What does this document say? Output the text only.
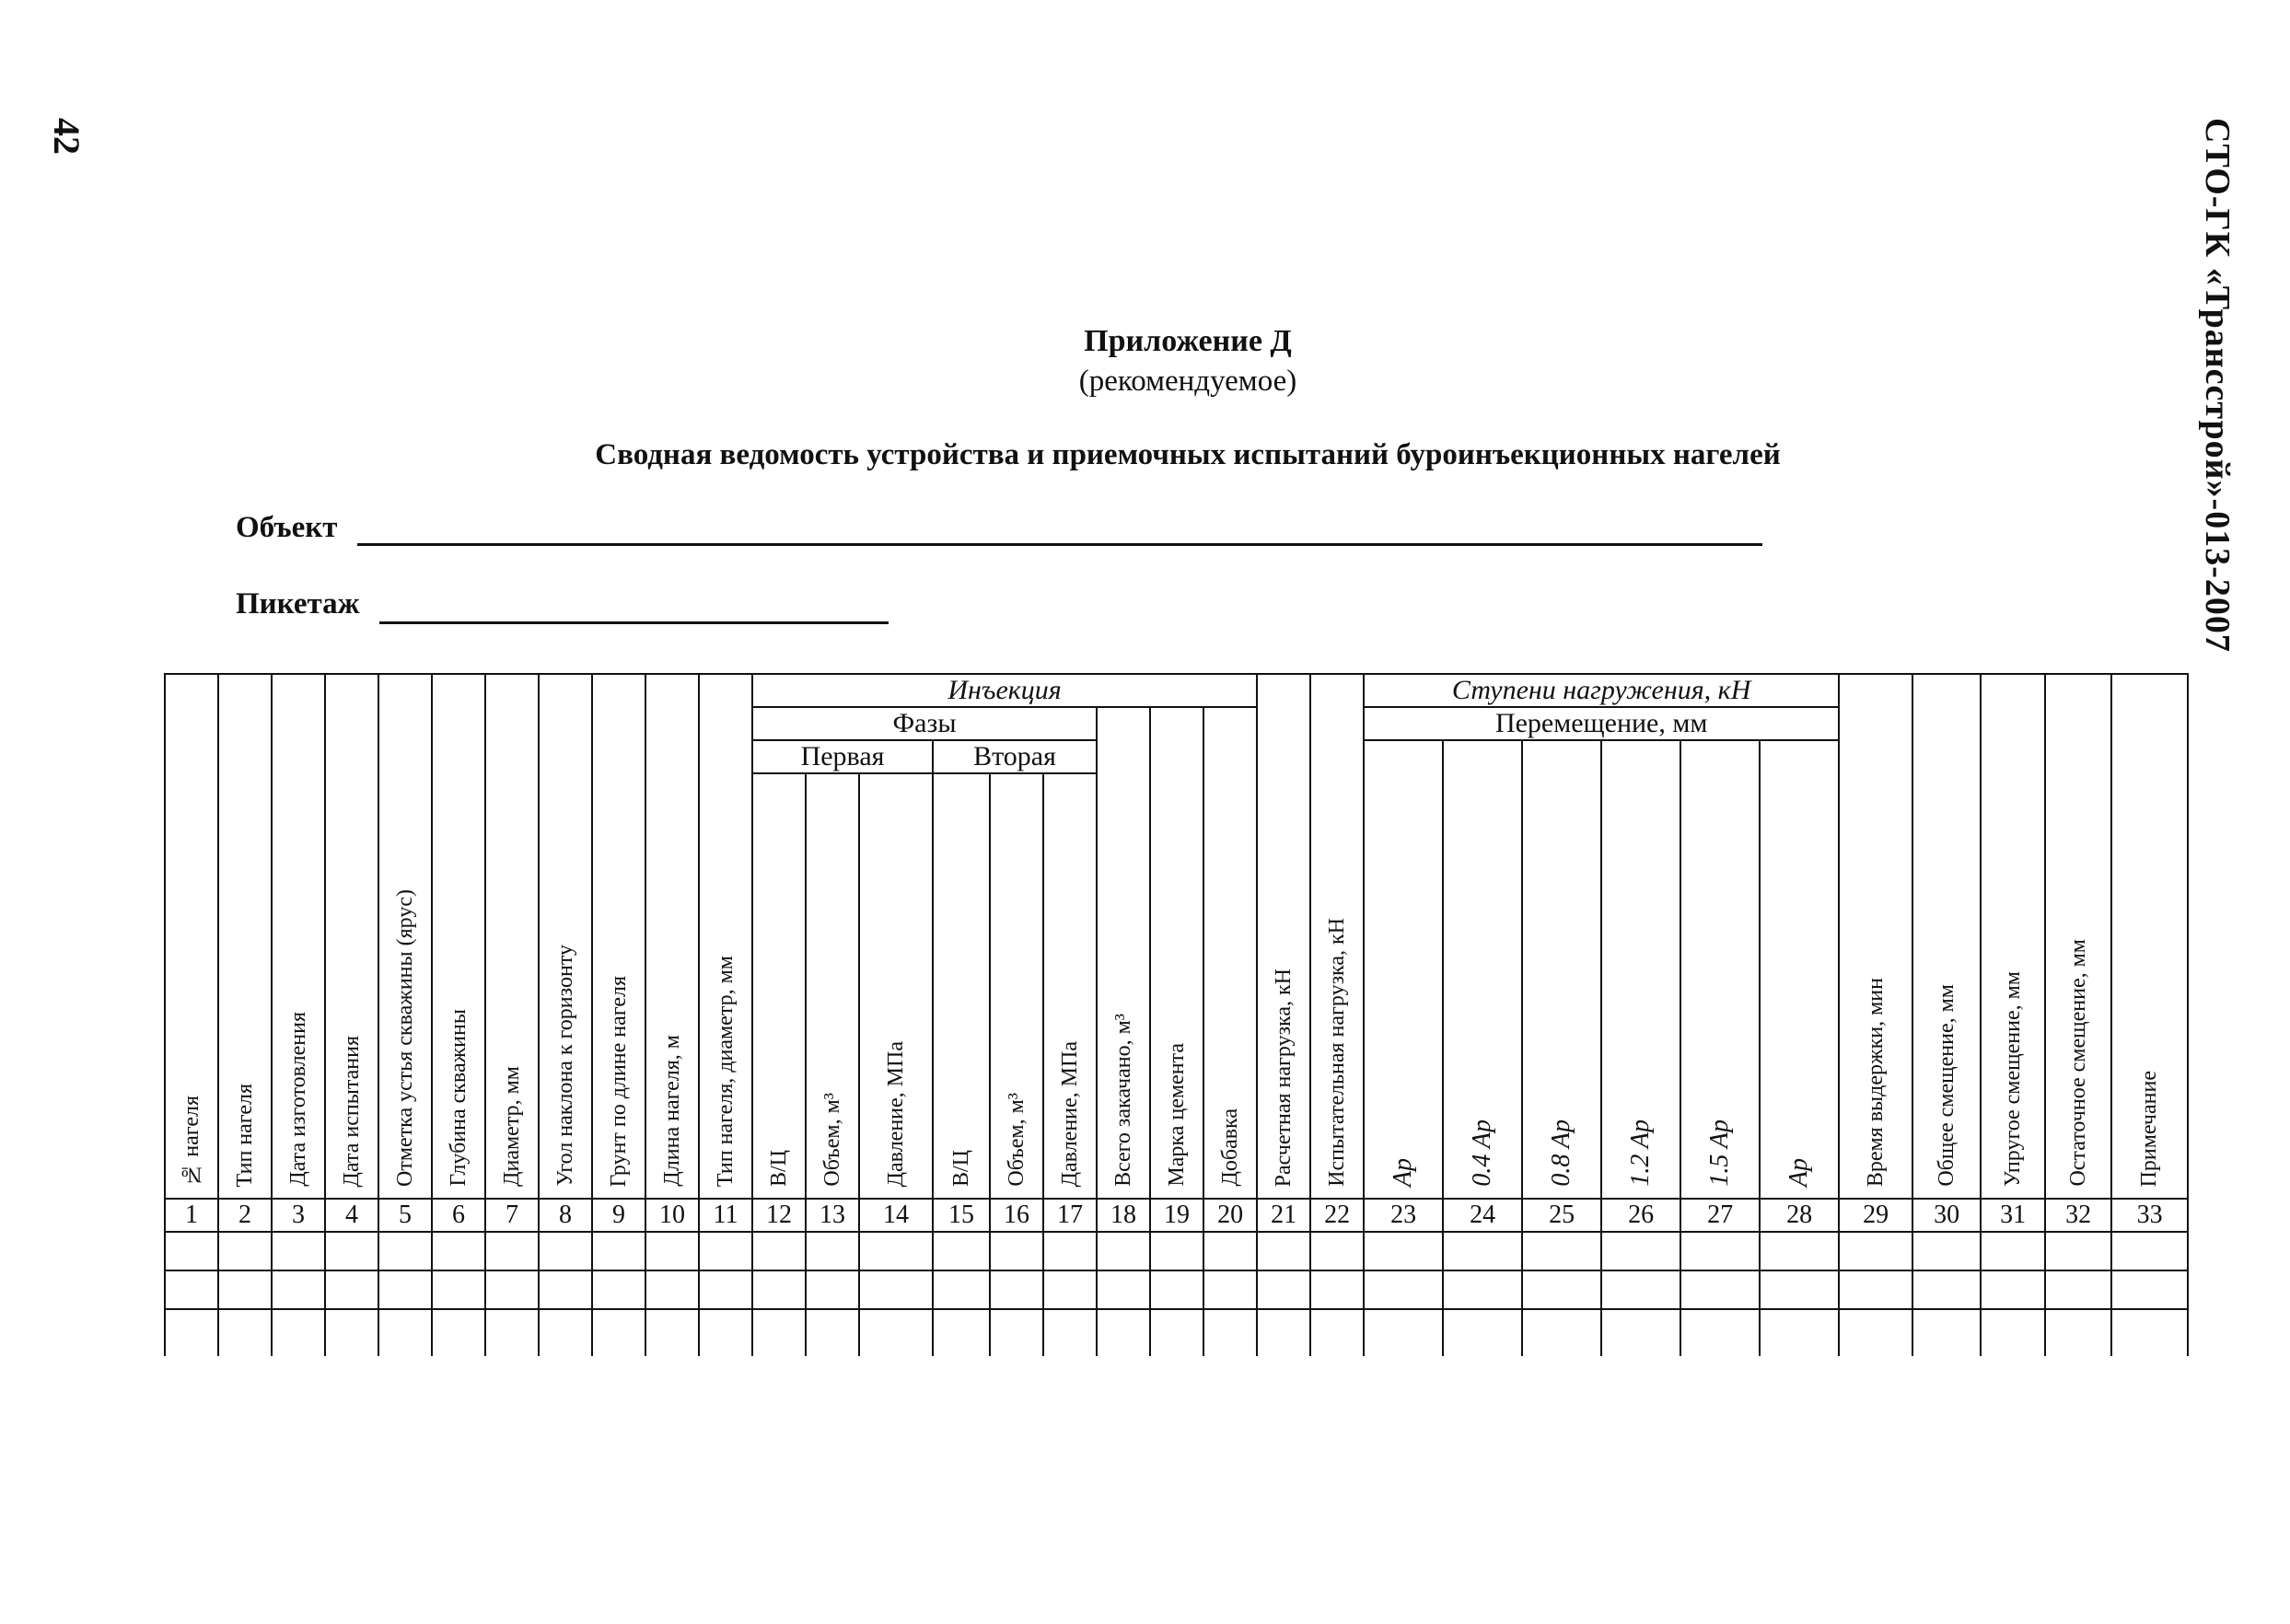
42	СТО-ГК «Трансстрой»-013-2007
Приложение Д
(рекомендуемое)
Сводная ведомость устройства и приемочных испытаний буроинъекционных нагелей
Объект
Пикетаж
№ нагеля	Тип нагеля	Дата изготовления	Дата испытания	Отметка устья скважины (ярус)	Глубина скважины	Диаметр, мм	Угол наклона к горизонту	Грунт по длине нагеля	Длина нагеля, м	Тип нагеля, диаметр, мм	Инъекция									Расчетная нагрузка, кН	Испытательная нагрузка, кН	Ступени нагружения, кН						Время выдержки, мин	Общее смещение, мм	Упругое смещение, мм	Остаточное смещение, мм	Примечание
											Фазы						Всего закачано, м³	Марка цемента	Добавка			Перемещение, мм										
											Первая			Вторая								Ap	0.4 Ap	0.8 Ap	1.2 Ap	1.5 Ap	Ap					
											В/Ц	Объем, м³	Давление, МПа	В/Ц	Объем, м³	Давление, МПа																
1	2	3	4	5	6	7	8	9	10	11	12	13	14	15	16	17	18	19	20	21	22	23	24	25	26	27	28	29	30	31	32	33
